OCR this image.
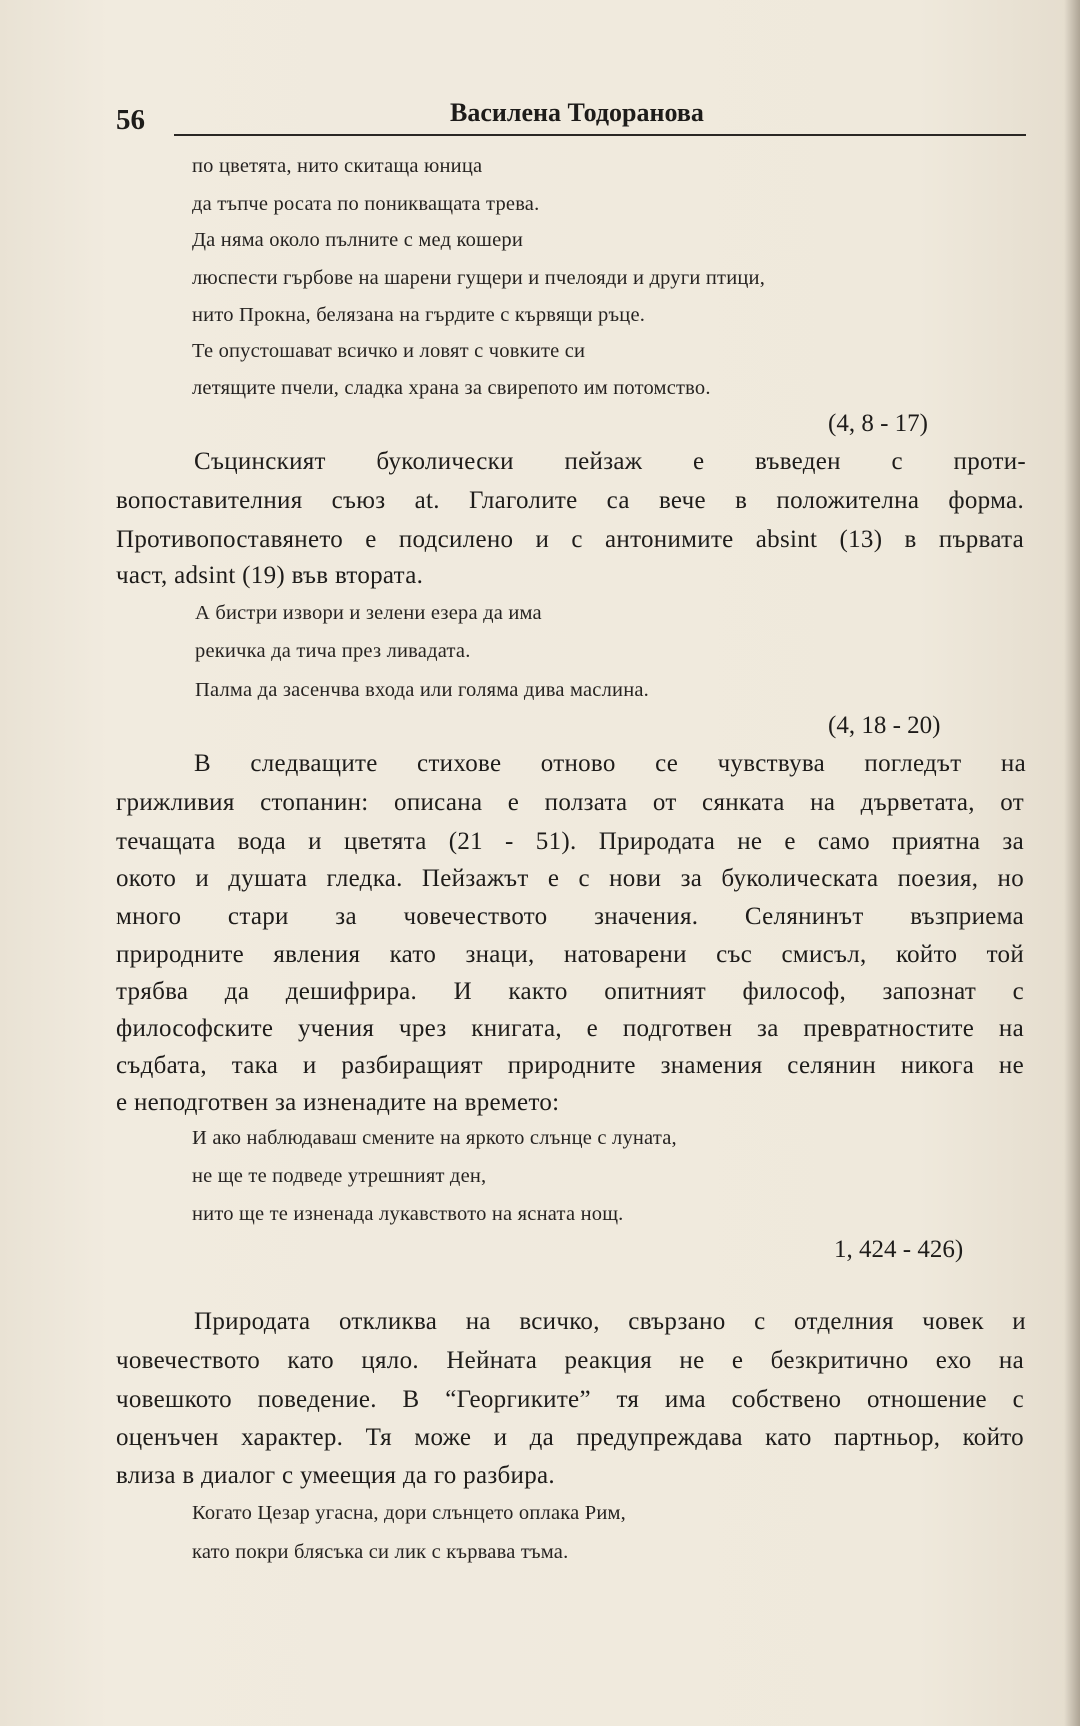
56	Василена Тодоранова
по цветята, нито скитаща юница
да тъпче росата по поникващата трева.
Да няма около пълните с мед кошери
люспести гърбове на шарени гущери и пчелояди и други птици,
нито Прокна, белязана на гърдите с кървящи ръце.
Те опустошават всичко и ловят с човките си
летящите пчели, сладка храна за свирепото им потомство.
(4, 8 - 17)
Съцинският буколически пейзаж е въведен с проти-
вопоставителния съюз at. Глаголите са вече в положителна форма.
Противопоставянето е подсилено и с антонимите absint (13) в първата
част, adsint (19) във втората.
А бистри извори и зелени езера да има
рекичка да тича през ливадата.
Палма да засенчва входа или голяма дива маслина.
(4, 18 - 20)
В следващите стихове отново се чувствува погледът на
грижливия стопанин: описана е ползата от сянката на дърветата, от
течащата вода и цветята (21 - 51). Природата не е само приятна за
окото и душата гледка. Пейзажът е с нови за буколическата поезия, но
много стари за човечеството значения. Селянинът възприема
природните явления като знаци, натоварени със смисъл, който той
трябва да дешифрира. И както опитният философ, запознат с
философските учения чрез книгата, е подготвен за превратностите на
съдбата, така и разбиращият природните знамения селянин никога не
е неподготвен за изненадите на времето:
И ако наблюдаваш смените на яркото слънце с луната,
не ще те подведе утрешният ден,
нито ще те изненада лукавството на ясната нощ.
1, 424 - 426)
Природата откликва на всичко, свързано с отделния човек и
човечеството като цяло. Нейната реакция не е безкритично ехо на
човешкото поведение. В “Георгиките” тя има собствено отношение с
оценъчен характер. Тя може и да предупреждава като партньор, който
влиза в диалог с умеещия да го разбира.
Когато Цезар угасна, дори слънцето оплака Рим,
като покри блясъка си лик с кървава тъма.
